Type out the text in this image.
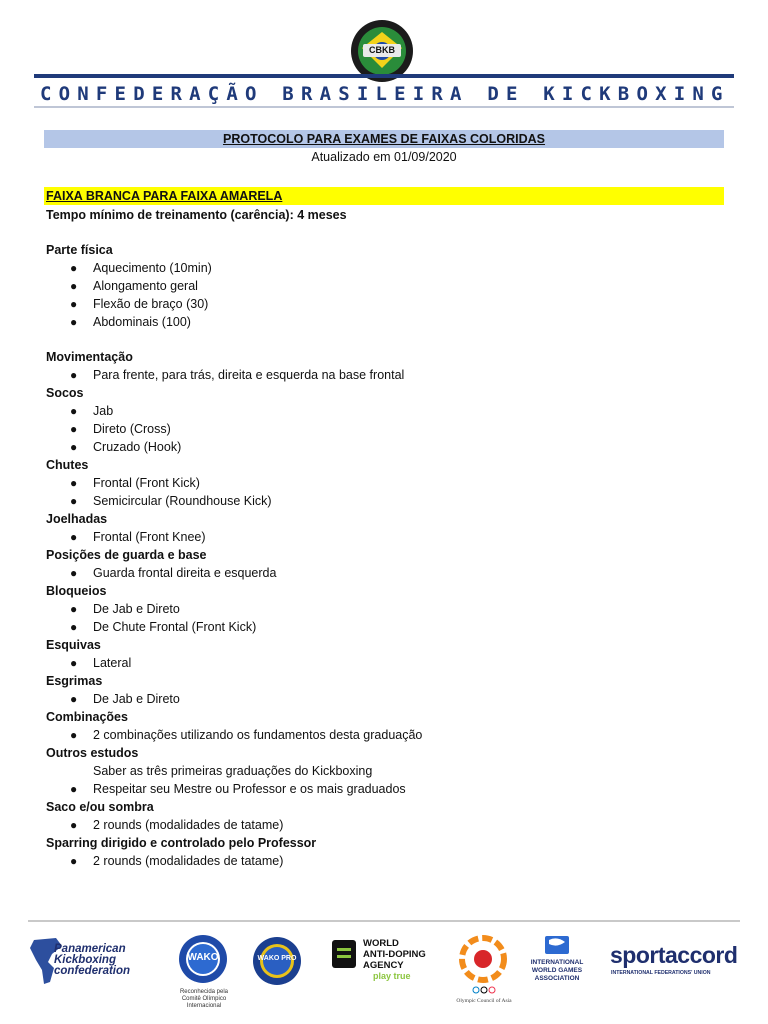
CBKB
CONFEDERAÇÃO BRASILEIRA DE KICKBOXING
PROTOCOLO PARA EXAMES DE FAIXAS COLORIDAS
Atualizado em 01/09/2020
FAIXA BRANCA PARA FAIXA AMARELA
Tempo mínimo de treinamento (carência): 4 meses
Parte física
● Aquecimento (10min)
● Alongamento geral
● Flexão de braço (30)
● Abdominais (100)
Movimentação
● Para frente, para trás, direita e esquerda na base frontal
Socos
● Jab
● Direto (Cross)
● Cruzado (Hook)
Chutes
● Frontal (Front Kick)
● Semicircular (Roundhouse Kick)
Joelhadas
● Frontal (Front Knee)
Posições de guarda e base
● Guarda frontal direita e esquerda
Bloqueios
● De Jab e Direto
● De Chute Frontal (Front Kick)
Esquivas
● Lateral
Esgrimas
● De Jab e Direto
Combinações
● 2 combinações utilizando os fundamentos desta graduação
Outros estudos
Saber as três primeiras graduações do Kickboxing
● Respeitar seu Mestre ou Professor e os mais graduados
Saco e/ou sombra
● 2 rounds (modalidades de tatame)
Sparring dirigido e controlado pelo Professor
● 2 rounds (modalidades de tatame)
Panamerican
Kickboxing
confederation
WAKO
Reconhecida pela
Comitê Olímpico Internacional
WAKO PRO
WORLD
ANTI-DOPING
AGENCY
play true
Olympic Council of Asia
INTERNATIONAL
WORLD GAMES
ASSOCIATION
sportaccord
INTERNATIONAL FEDERATIONS' UNION
